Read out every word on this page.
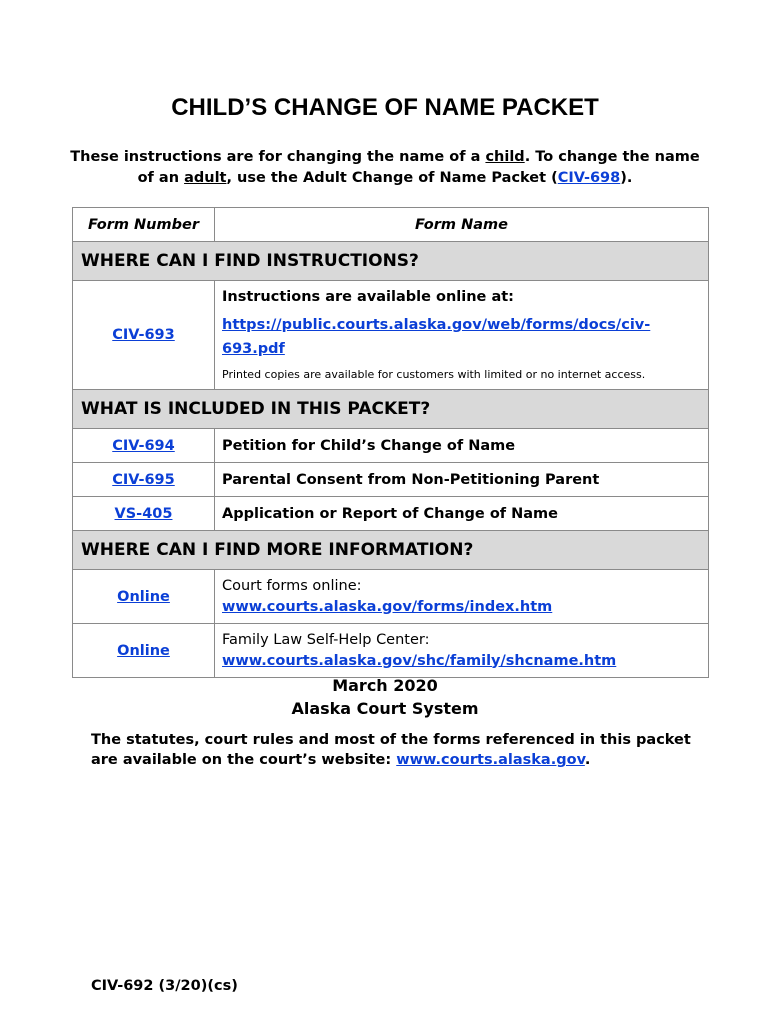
CHILD’S CHANGE OF NAME PACKET
These instructions are for changing the name of a child. To change the name of an adult, use the Adult Change of Name Packet (CIV-698).
Form Number	Form Name
WHERE CAN I FIND INSTRUCTIONS?	
CIV-693	Instructions are available online at:
https://public.courts.alaska.gov/web/forms/docs/civ-693.pdf
Printed copies are available for customers with limited or no internet access.

WHAT IS INCLUDED IN THIS PACKET?	
CIV-694	Petition for Child’s Change of Name
CIV-695	Parental Consent from Non-Petitioning Parent
VS-405	Application or Report of Change of Name
WHERE CAN I FIND MORE INFORMATION?	
Online	Court forms online:
www.courts.alaska.gov/forms/index.htm

Online	Family Law Self-Help Center:
www.courts.alaska.gov/shc/family/shcname.htm
March 2020
Alaska Court System
The statutes, court rules and most of the forms referenced in this packet are available on the court’s website: www.courts.alaska.gov.
CIV-692 (3/20)(cs)
